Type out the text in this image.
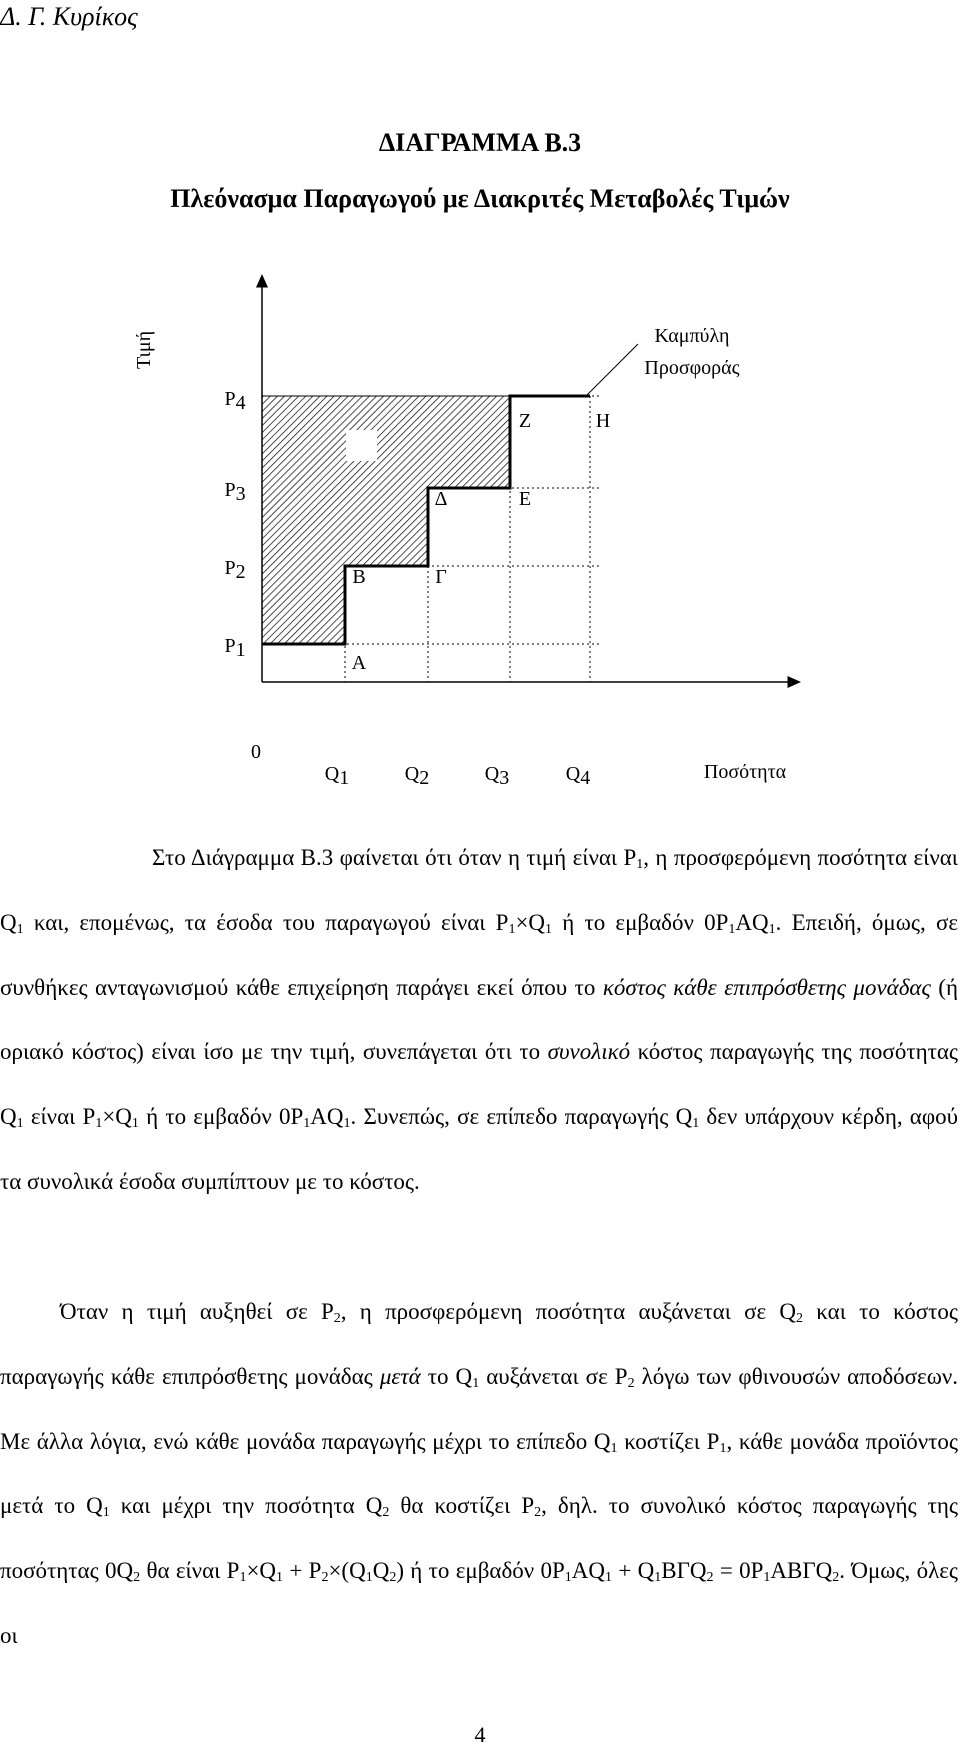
Δ. Γ. Κυρίκος
ΔΙΑΓΡΑΜΜΑ Β.3
Πλεόνασμα Παραγωγού με Διακριτές Μεταβολές Τιμών
Τιμή
Ποσότητα
0
Καμπύλη
Προσφοράς
P1
P2
P3
P4
Q1	Q2	Q3	Q4
Α
Β	Γ
Δ	Ε
Ζ	Η

Στο Διάγραμμα Β.3 φαίνεται ότι όταν η τιμή είναι $P_1$, η προσφερόμενη ποσότητα είναι $Q_1$ και, επομένως, τα έσοδα του παραγωγού είναι $P_1\times Q_1$ ή το εμβαδόν $0P_1AQ_1$. Επειδή, όμως, σε συνθήκες ανταγωνισμού κάθε επιχείρηση παράγει εκεί όπου το κόστος κάθε επιπρόσθετης μονάδας (ή οριακό κόστος) είναι ίσο με την τιμή, συνεπάγεται ότι το συνολικό κόστος παραγωγής της ποσότητας $Q_1$ είναι $P_1\times Q_1$ ή το εμβαδόν $0P_1AQ_1$. Συνεπώς, σε επίπεδο παραγωγής $Q_1$ δεν υπάρχουν κέρδη, αφού τα συνολικά έσοδα συμπίπτουν με το κόστος.

Όταν η τιμή αυξηθεί σε $P_2$, η προσφερόμενη ποσότητα αυξάνεται σε $Q_2$ και το κόστος παραγωγής κάθε επιπρόσθετης μονάδας μετά το $Q_1$ αυξάνεται σε $P_2$ λόγω των φθινουσών αποδόσεων. Με άλλα λόγια, ενώ κάθε μονάδα παραγωγής μέχρι το επίπεδο $Q_1$ κοστίζει $P_1$, κάθε μονάδα προϊόντος μετά το $Q_1$ και μέχρι την ποσότητα $Q_2$ θα κοστίζει $P_2$, δηλ. το συνολικό κόστος παραγωγής της ποσότητας $0Q_2$ θα είναι $P_1\times Q_1 + P_2\times(Q_1Q_2)$ ή το εμβαδόν $0P_1AQ_1 + Q_1B\Gamma Q_2 = 0P_1AB\Gamma Q_2$. Όμως, όλες οι

4
